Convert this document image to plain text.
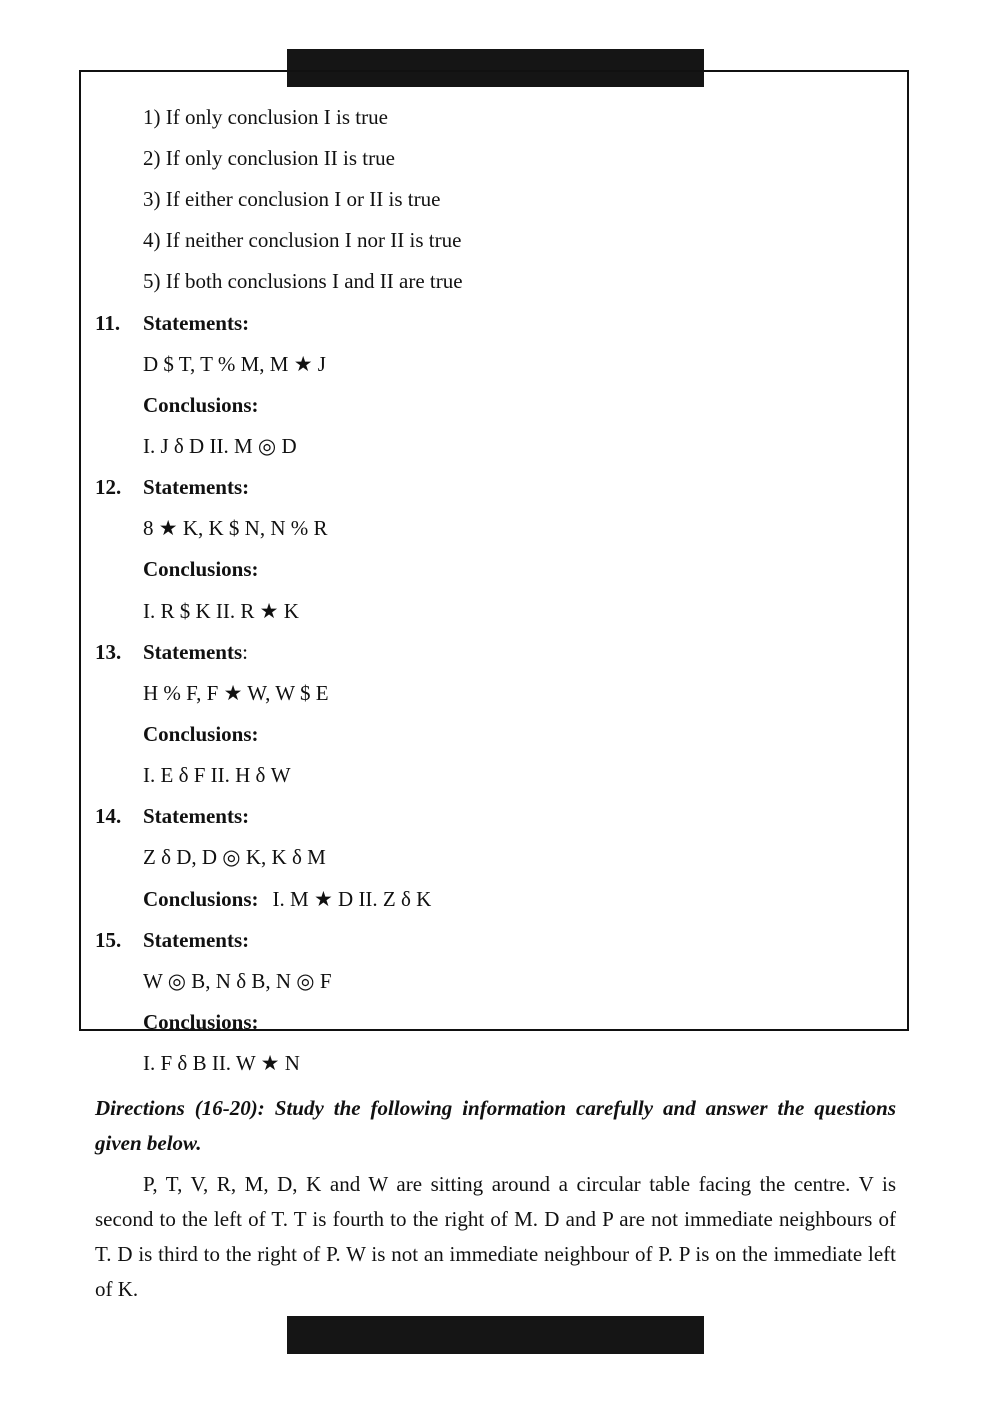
1) If only conclusion I is true
2) If only conclusion II is true
3) If either conclusion I or II is true
4) If neither conclusion I nor II is true
5) If both conclusions I and II are true
11. Statements:
D $ T, T % M, M ★ J
Conclusions:
I. J δ D II. M ◎ D
12. Statements:
8 ★ K, K $ N, N % R
Conclusions:
I. R $ K II. R ★ K
13. Statements:
H % F, F ★ W, W $ E
Conclusions:
I. E δ F II. H δ W
14. Statements:
Z δ D, D ◎ K, K δ M
Conclusions: I. M ★ D II. Z δ K
15. Statements:
W ◎ B, N δ B, N ◎ F
Conclusions:
I. F δ B II. W ★ N
Directions (16-20): Study the following information carefully and answer the questions given below.
P, T, V, R, M, D, K and W are sitting around a circular table facing the centre. V is second to the left of T. T is fourth to the right of M. D and P are not immediate neighbours of T. D is third to the right of P. W is not an immediate neighbour of P. P is on the immediate left of K.
